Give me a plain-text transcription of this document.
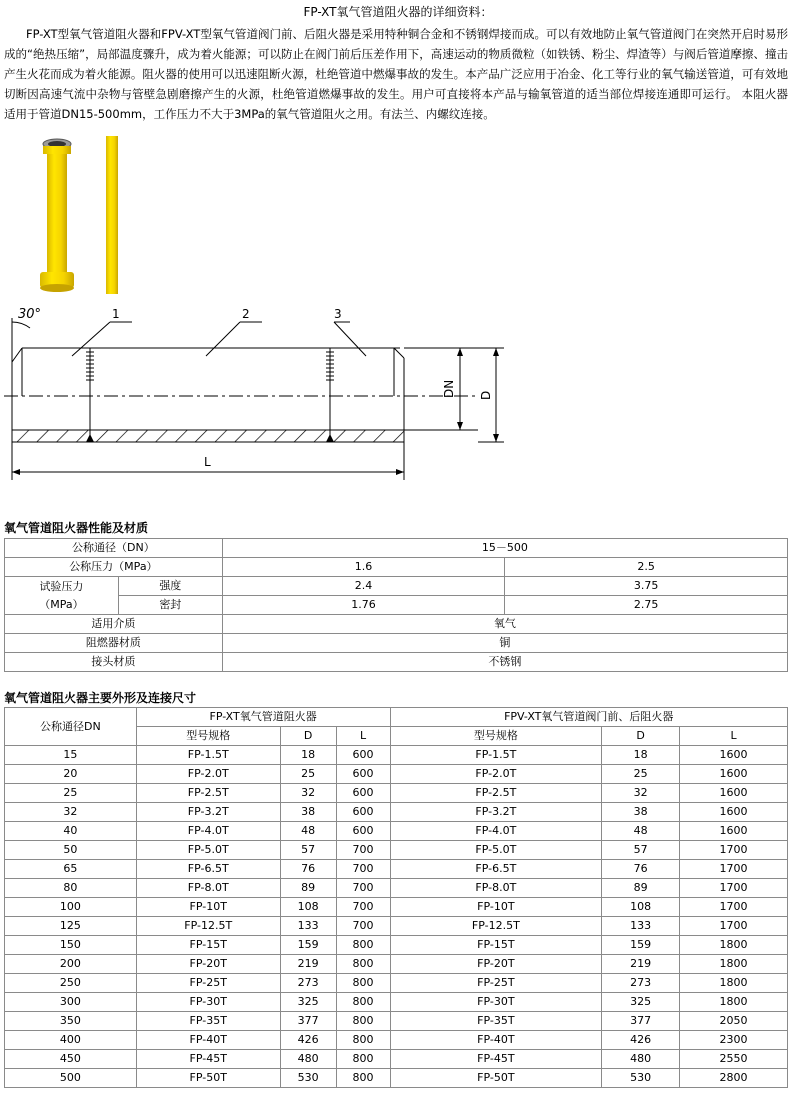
FP-XT氧气管道阻火器的详细资料：
FP-XT型氧气管道阻火器和FPV-XT型氧气管道阀门前、后阻火器是采用特种铜合金和不锈钢焊接而成。可以有效地防止氧气管道阀门在突然开启时易形成的“绝热压缩”，局部温度骤升，成为着火能源；可以防止在阀门前后压差作用下，高速运动的物质微粒（如铁锈、粉尘、焊渣等）与阀后管道摩擦、撞击产生火花而成为着火能源。阻火器的使用可以迅速阻断火源，杜绝管道中燃爆事故的发生。本产品广泛应用于冶金、化工等行业的氧气输送管道，可有效地切断因高速气流中杂物与管壁急剧磨擦产生的火源，杜绝管道燃爆事故的发生。用户可直接将本产品与输氧管道的适当部位焊接连通即可运行。 本阻火器适用于管道DN15-500mm，工作压力不大于3MPa的氧气管道阻火之用。有法兰、内螺纹连接。
30°	1	2	3
DN D
L
氧气管道阻火器性能及材质
公称通径（DN）		15－500	
公称压力（MPa）		1.6	2.5

试验压力
（MPa）	强度	2.4	3.75
	密封	1.76	2.75
适用介质		氧气	
阻燃器材质		铜	
接头材质		不锈钢	
氧气管道阻火器主要外形及连接尺寸
公称通径DN	FP-XT氧气管道阻火器			FPV-XT氧气管道阀门前、后阻火器		
	型号规格	D	L	型号规格	D	L
15	FP-1.5T	18	600	FP-1.5T	18	1600
20	FP-2.0T	25	600	FP-2.0T	25	1600
25	FP-2.5T	32	600	FP-2.5T	32	1600
32	FP-3.2T	38	600	FP-3.2T	38	1600
40	FP-4.0T	48	600	FP-4.0T	48	1600
50	FP-5.0T	57	700	FP-5.0T	57	1700
65	FP-6.5T	76	700	FP-6.5T	76	1700
80	FP-8.0T	89	700	FP-8.0T	89	1700
100	FP-10T	108	700	FP-10T	108	1700
125	FP-12.5T	133	700	FP-12.5T	133	1700
150	FP-15T	159	800	FP-15T	159	1800
200	FP-20T	219	800	FP-20T	219	1800
250	FP-25T	273	800	FP-25T	273	1800
300	FP-30T	325	800	FP-30T	325	1800
350	FP-35T	377	800	FP-35T	377	2050
400	FP-40T	426	800	FP-40T	426	2300
450	FP-45T	480	800	FP-45T	480	2550
500	FP-50T	530	800	FP-50T	530	2800
